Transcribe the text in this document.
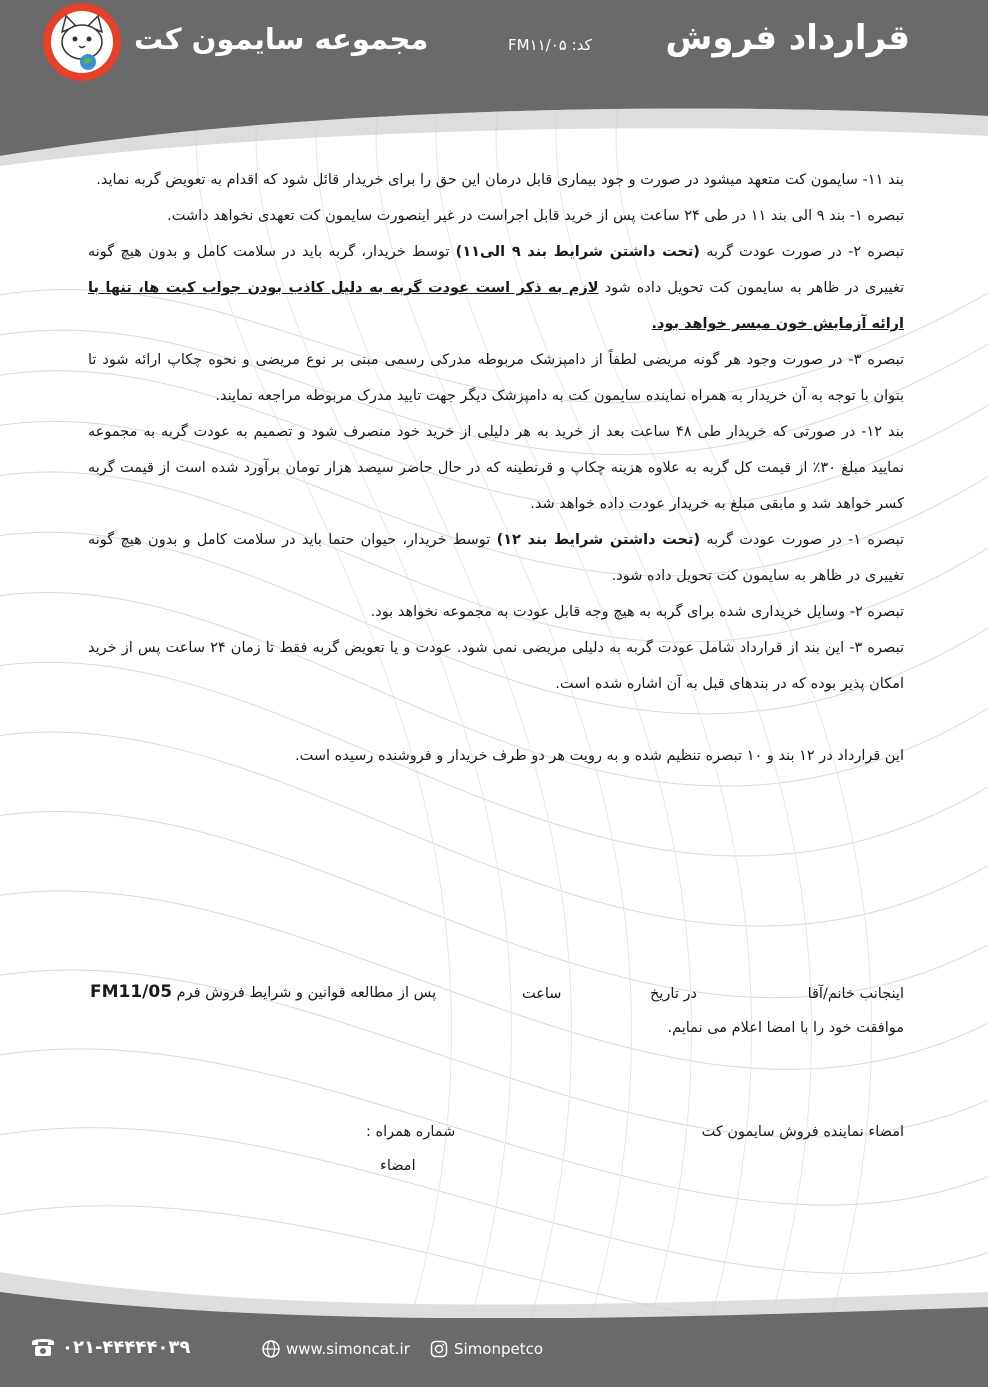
قرارداد فروش
کد: FM۱۱/۰۵
مجموعه سایمون کت

بند ۱۱- سایمون کت متعهد میشود در صورت و جود بیماری قابل درمان این حق را برای خریدار قائل شود که اقدام به تعویض گربه نماید.

تبصره ۱- بند ۹ الی بند ۱۱ در طی ۲۴ ساعت پس از خرید قابل اجراست در غیر اینصورت سایمون کت تعهدی نخواهد داشت.

تبصره ۲- در صورت عودت گربه (تحت داشتن شرایط بند ۹ الی۱۱) توسط خریدار، گربه باید در سلامت کامل و بدون هیچ گونه تغییری در ظاهر به سایمون کت تحویل داده شود لازم به ذکر است عودت گربه به دلیل کاذب بودن جواب کیت ها، تنها با ارائه آزمایش خون میسر خواهد بود.

تبصره ۳- در صورت وجود هر گونه مریضی لطفاً از دامپزشک مربوطه مدرکی رسمی مبنی بر نوع مریضی و نحوه چکاپ ارائه شود تا بتوان با توجه به آن خریدار به همراه نماینده سایمون کت به دامپزشک دیگر جهت تایید مدرک مربوطه مراجعه نمایند.

بند ۱۲- در صورتی که خریدار طی ۴۸ ساعت بعد از خرید به هر دلیلی از خرید خود منصرف شود و تصمیم به عودت گربه به مجموعه نمایید مبلغ ۳۰٪ از قیمت کل گربه به علاوه هزینه چکاپ و قرنطینه که در حال حاضر سیصد هزار تومان برآورد شده است از قیمت گربه کسر خواهد شد و مابقی مبلغ به خریدار عودت داده خواهد شد.

تبصره ۱- در صورت عودت گربه (تحت داشتن شرایط بند ۱۲) توسط خریدار، حیوان حتما باید در سلامت کامل و بدون هیچ گونه تغییری در ظاهر به سایمون کت تحویل داده شود.

تبصره ۲- وسایل خریداری شده برای گربه به هیچ وجه قابل عودت به مجموعه نخواهد بود.

تبصره ۳- این بند از قرارداد شامل عودت گربه به دلیلی مریضی نمی شود. عودت و یا تعویض گربه فقط تا زمان ۲۴ ساعت پس از خرید امکان پذیر بوده که در بندهای قبل به آن اشاره شده است.

این قرارداد در ۱۲ بند و ۱۰ تبصره تنظیم شده و به رویت هر دو طرف خریدار و فروشنده رسیده است.

اینجانب خانم/آقا
در تاریخ
ساعت
پس از مطالعه قوانین و شرایط فروش فرم FM11/05
موافقت خود را با امضا اعلام می نمایم.
امضاء نماینده فروش سایمون کت
شماره همراه :
امضاء
۰۲۱-۴۴۴۴۴۰۳۹	www.simoncat.ir	Simonpetco
